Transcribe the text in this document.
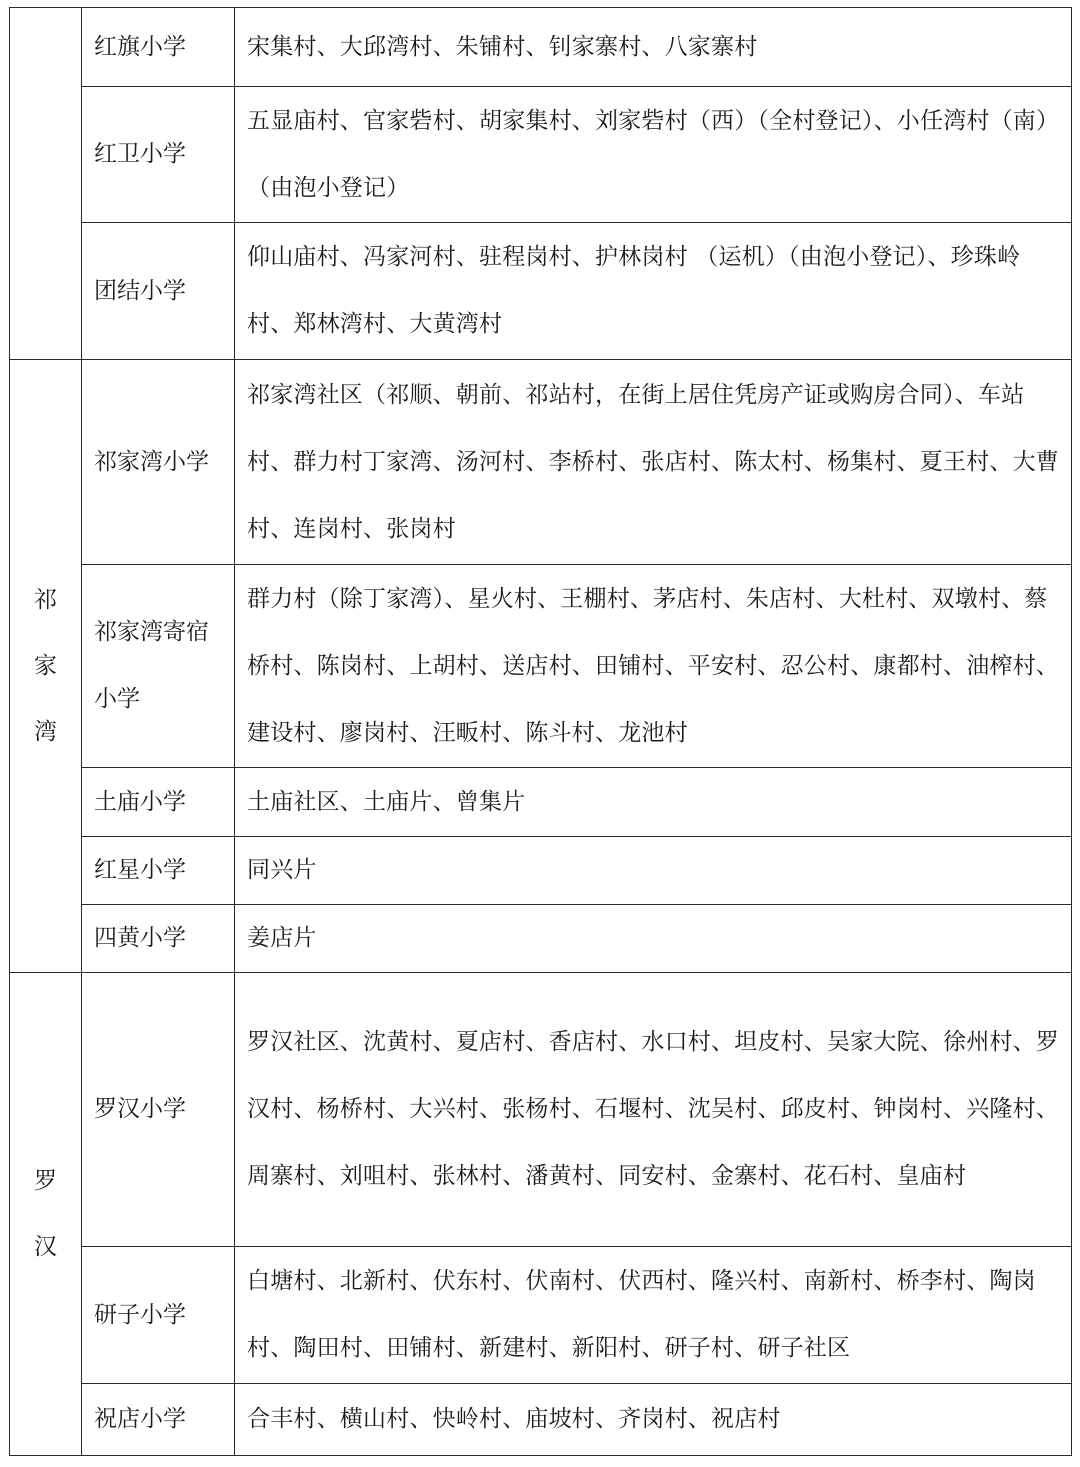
	红旗小学	宋集村、大邱湾村、朱铺村、钊家寨村、八家寨村

	红卫小学	五显庙村、官家砦村、胡家集村、刘家砦村（西）（全村登记）、小任湾村（南）（由泡小登记）

	团结小学	仰山庙村、冯家河村、驻程岗村、护林岗村 （运机）（由泡小登记）、珍珠岭村、郑林湾村、大黄湾村

祁家湾	祁家湾小学	祁家湾社区（祁顺、朝前、祁站村，在街上居住凭房产证或购房合同）、车站村、群力村丁家湾、汤河村、李桥村、张店村、陈太村、杨集村、夏王村、大曹村、连岗村、张岗村

	祁家湾寄宿小学	群力村（除丁家湾）、星火村、王棚村、茅店村、朱店村、大杜村、双墩村、蔡桥村、陈岗村、上胡村、送店村、田铺村、平安村、忍公村、康都村、油榨村、建设村、廖岗村、汪畈村、陈斗村、龙池村

	土庙小学	土庙社区、土庙片、曾集片

	红星小学	同兴片

	四黄小学	姜店片

罗汉	罗汉小学	罗汉社区、沈黄村、夏店村、香店村、水口村、坦皮村、吴家大院、徐州村、罗汉村、杨桥村、大兴村、张杨村、石堰村、沈吴村、邱皮村、钟岗村、兴隆村、周寨村、刘咀村、张林村、潘黄村、同安村、金寨村、花石村、皇庙村

	研子小学	白塘村、北新村、伏东村、伏南村、伏西村、隆兴村、南新村、桥李村、陶岗村、陶田村、田铺村、新建村、新阳村、研子村、研子社区

	祝店小学	合丰村、横山村、快岭村、庙坡村、齐岗村、祝店村
